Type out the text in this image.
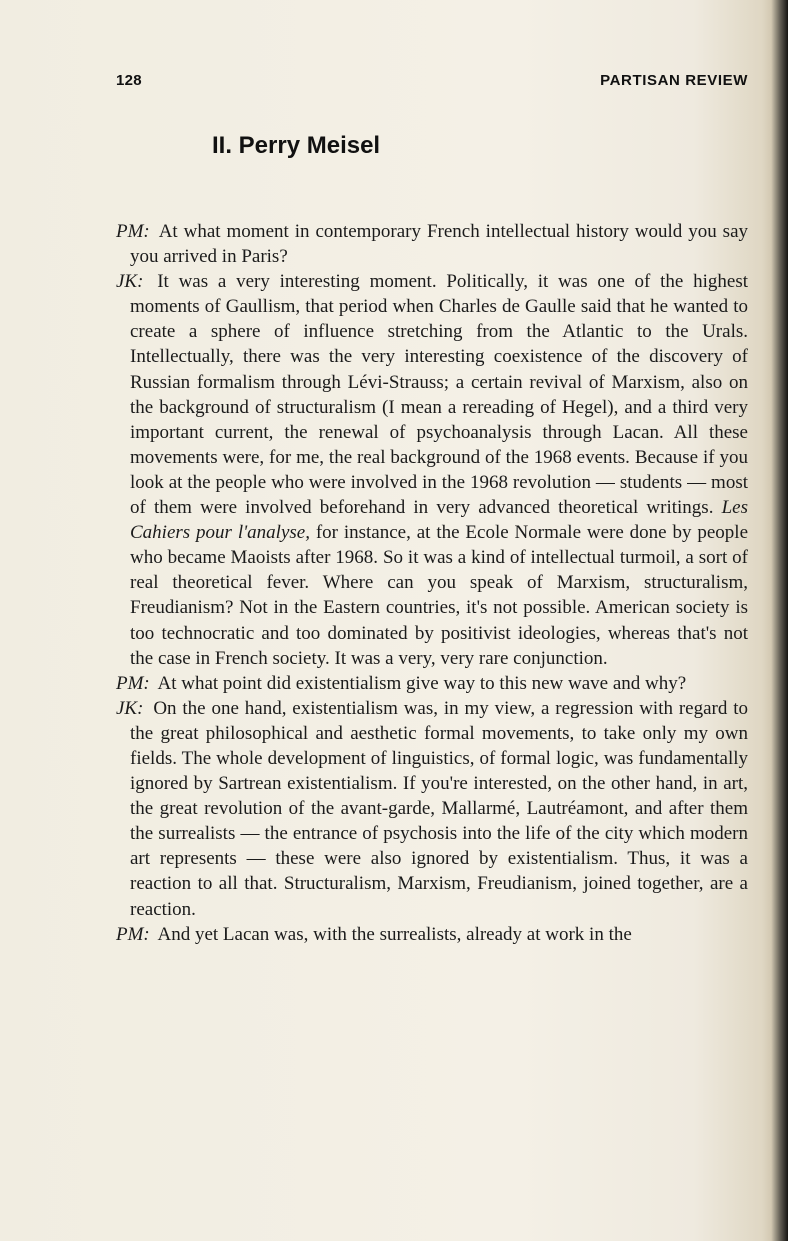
128	PARTISAN REVIEW
II. Perry Meisel

PM: At what moment in contemporary French intellectual history would you say you arrived in Paris?

JK: It was a very interesting moment. Politically, it was one of the highest moments of Gaullism, that period when Charles de Gaulle said that he wanted to create a sphere of influence stretching from the Atlantic to the Urals. Intellectually, there was the very interesting coexistence of the discovery of Russian formalism through Lévi-Strauss; a certain revival of Marxism, also on the background of structuralism (I mean a rereading of Hegel), and a third very important current, the renewal of psychoanalysis through Lacan. All these movements were, for me, the real background of the 1968 events. Because if you look at the people who were involved in the 1968 revolution — students — most of them were involved beforehand in very advanced theoretical writings. Les Cahiers pour l'analyse, for instance, at the Ecole Normale were done by people who became Maoists after 1968. So it was a kind of intellectual turmoil, a sort of real theoretical fever. Where can you speak of Marxism, structuralism, Freudianism? Not in the Eastern countries, it's not possible. American society is too technocratic and too dominated by positivist ideologies, whereas that's not the case in French society. It was a very, very rare conjunction.

PM: At what point did existentialism give way to this new wave and why?

JK: On the one hand, existentialism was, in my view, a regression with regard to the great philosophical and aesthetic formal movements, to take only my own fields. The whole development of linguistics, of formal logic, was fundamentally ignored by Sartrean existentialism. If you're interested, on the other hand, in art, the great revolution of the avant-garde, Mallarmé, Lautréamont, and after them the surrealists — the entrance of psychosis into the life of the city which modern art represents — these were also ignored by existentialism. Thus, it was a reaction to all that. Structuralism, Marxism, Freudianism, joined together, are a reaction.

PM: And yet Lacan was, with the surrealists, already at work in the
